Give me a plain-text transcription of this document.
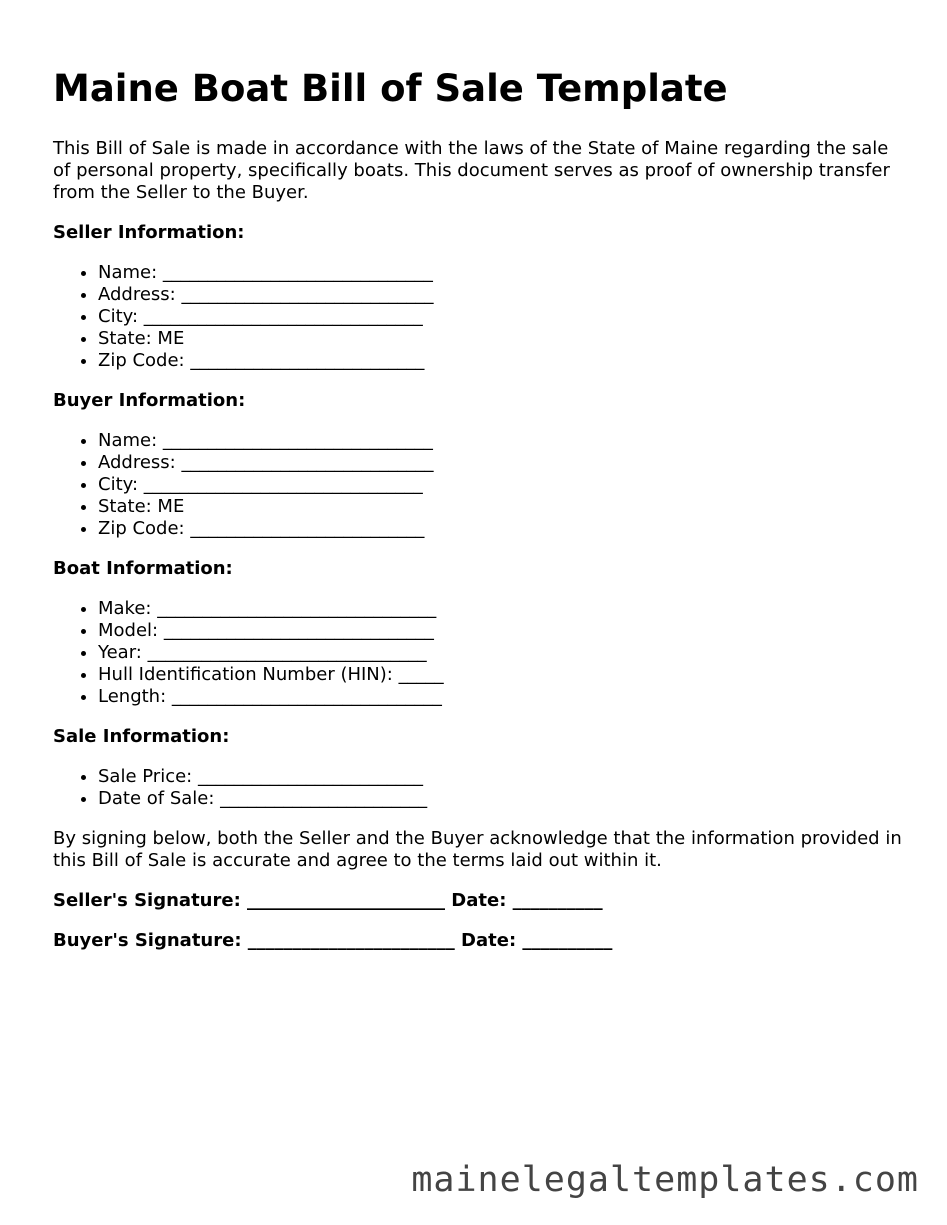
Maine Boat Bill of Sale Template

This Bill of Sale is made in accordance with the laws of the State of Maine regarding the sale of personal property, specifically boats. This document serves as proof of ownership transfer from the Seller to the Buyer.

Seller Information:
• Name: ______________________________
• Address: ____________________________
• City: _______________________________
• State: ME
• Zip Code: __________________________
Buyer Information:
• Name: ______________________________
• Address: ____________________________
• City: _______________________________
• State: ME
• Zip Code: __________________________
Boat Information:
• Make: _______________________________
• Model: ______________________________
• Year: _______________________________
• Hull Identification Number (HIN): _____
• Length: ______________________________
Sale Information:
• Sale Price: _________________________
• Date of Sale: _______________________

By signing below, both the Seller and the Buyer acknowledge that the information provided in this Bill of Sale is accurate and agree to the terms laid out within it.

Seller's Signature: ______________________ Date: __________
Buyer's Signature: _______________________ Date: __________
mainelegaltemplates.com
